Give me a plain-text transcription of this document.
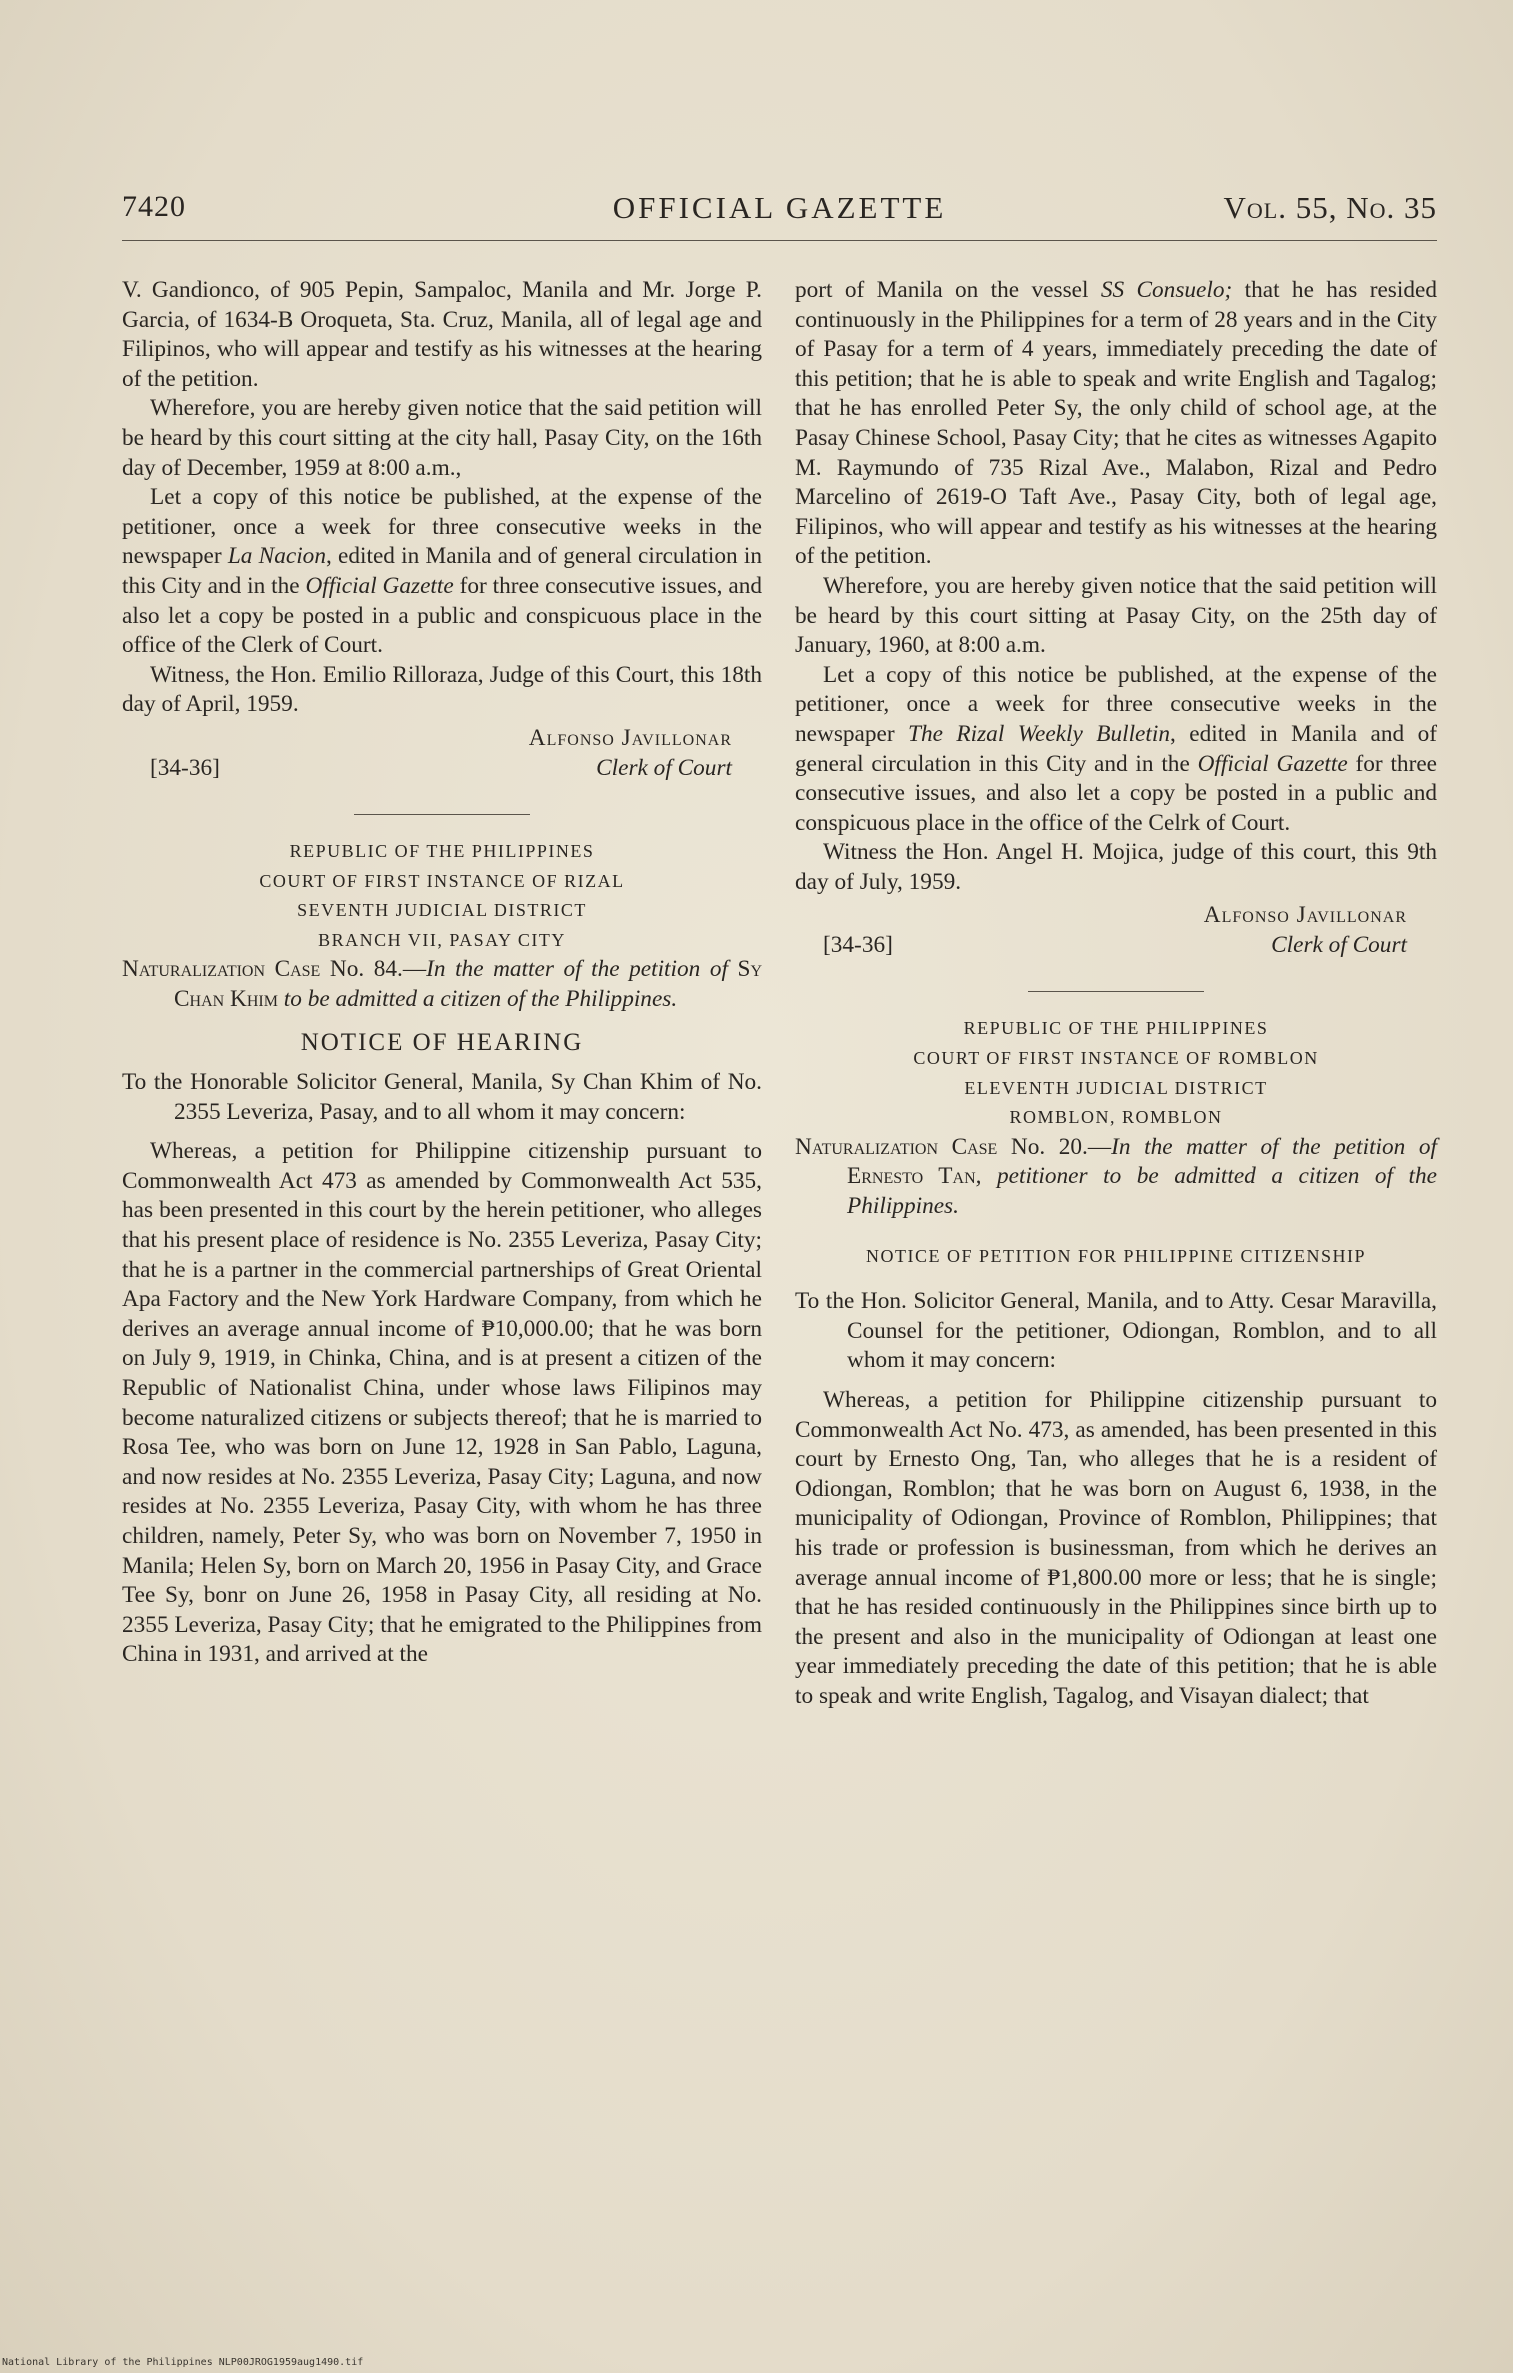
7420	OFFICIAL GAZETTE	Vol. 55, No. 35

V. Gandionco, of 905 Pepin, Sampaloc, Manila and Mr. Jorge P. Garcia, of 1634-B Oroqueta, Sta. Cruz, Manila, all of legal age and Filipinos, who will appear and testify as his witnesses at the hearing of the petition.

Wherefore, you are hereby given notice that the said petition will be heard by this court sitting at the city hall, Pasay City, on the 16th day of December, 1959 at 8:00 a.m.,

Let a copy of this notice be published, at the expense of the petitioner, once a week for three consecutive weeks in the newspaper La Nacion, edited in Manila and of general circulation in this City and in the Official Gazette for three consecutive issues, and also let a copy be posted in a public and conspicuous place in the office of the Clerk of Court.

Witness, the Hon. Emilio Rilloraza, Judge of this Court, this 18th day of April, 1959.

Alfonso Javillonar
[34-36]	Clerk of Court
REPUBLIC OF THE PHILIPPINES
COURT OF FIRST INSTANCE OF RIZAL
SEVENTH JUDICIAL DISTRICT
BRANCH VII, PASAY CITY

Naturalization Case No. 84.—In the matter of the petition of Sy Chan Khim to be admitted a citizen of the Philippines.

NOTICE OF HEARING

To the Honorable Solicitor General, Manila, Sy Chan Khim of No. 2355 Leveriza, Pasay, and to all whom it may concern:

Whereas, a petition for Philippine citizenship pursuant to Commonwealth Act 473 as amended by Commonwealth Act 535, has been presented in this court by the herein petitioner, who alleges that his present place of residence is No. 2355 Leveriza, Pasay City; that he is a partner in the commercial partnerships of Great Oriental Apa Factory and the New York Hardware Company, from which he derives an average annual income of ₱10,000.00; that he was born on July 9, 1919, in Chinka, China, and is at present a citizen of the Republic of Nationalist China, under whose laws Filipinos may become naturalized citizens or subjects thereof; that he is married to Rosa Tee, who was born on June 12, 1928 in San Pablo, Laguna, and now resides at No. 2355 Leveriza, Pasay City; Laguna, and now resides at No. 2355 Leveriza, Pasay City, with whom he has three children, namely, Peter Sy, who was born on November 7, 1950 in Manila; Helen Sy, born on March 20, 1956 in Pasay City, and Grace Tee Sy, bonr on June 26, 1958 in Pasay City, all residing at No. 2355 Leveriza, Pasay City; that he emigrated to the Philippines from China in 1931, and arrived at the

port of Manila on the vessel SS Consuelo; that he has resided continuously in the Philippines for a term of 28 years and in the City of Pasay for a term of 4 years, immediately preceding the date of this petition; that he is able to speak and write English and Tagalog; that he has enrolled Peter Sy, the only child of school age, at the Pasay Chinese School, Pasay City; that he cites as witnesses Agapito M. Raymundo of 735 Rizal Ave., Malabon, Rizal and Pedro Marcelino of 2619-O Taft Ave., Pasay City, both of legal age, Filipinos, who will appear and testify as his witnesses at the hearing of the petition.

Wherefore, you are hereby given notice that the said petition will be heard by this court sitting at Pasay City, on the 25th day of January, 1960, at 8:00 a.m.

Let a copy of this notice be published, at the expense of the petitioner, once a week for three consecutive weeks in the newspaper The Rizal Weekly Bulletin, edited in Manila and of general circulation in this City and in the Official Gazette for three consecutive issues, and also let a copy be posted in a public and conspicuous place in the office of the Celrk of Court.

Witness the Hon. Angel H. Mojica, judge of this court, this 9th day of July, 1959.

Alfonso Javillonar
[34-36]	Clerk of Court
REPUBLIC OF THE PHILIPPINES
COURT OF FIRST INSTANCE OF ROMBLON
ELEVENTH JUDICIAL DISTRICT
ROMBLON, ROMBLON

Naturalization Case No. 20.—In the matter of the petition of Ernesto Tan, petitioner to be admitted a citizen of the Philippines.

NOTICE OF PETITION FOR PHILIPPINE CITIZENSHIP

To the Hon. Solicitor General, Manila, and to Atty. Cesar Maravilla, Counsel for the petitioner, Odiongan, Romblon, and to all whom it may concern:

Whereas, a petition for Philippine citizenship pursuant to Commonwealth Act No. 473, as amended, has been presented in this court by Ernesto Ong, Tan, who alleges that he is a resident of Odiongan, Romblon; that he was born on August 6, 1938, in the municipality of Odiongan, Province of Romblon, Philippines; that his trade or profession is businessman, from which he derives an average annual income of ₱1,800.00 more or less; that he is single; that he has resided continuously in the Philippines since birth up to the present and also in the municipality of Odiongan at least one year immediately preceding the date of this petition; that he is able to speak and write English, Tagalog, and Visayan dialect; that

National Library of the Philippines NLP00JROG1959aug1490.tif
